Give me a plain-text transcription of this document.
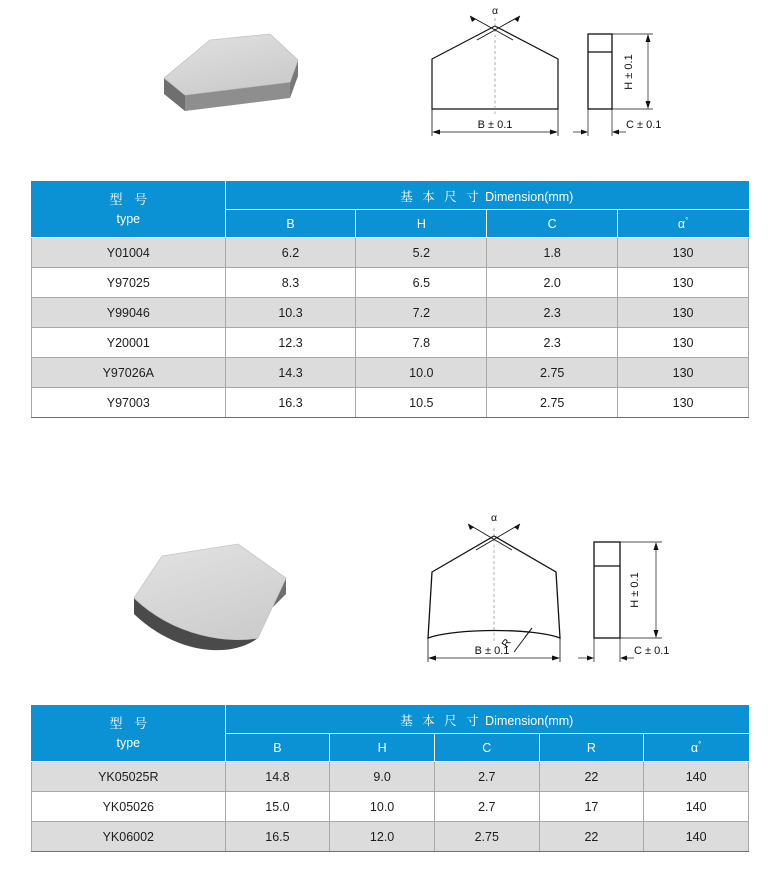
α
B ± 0.1
H ± 0.1
C ± 0.1
型 号
type	基 本 尺 寸 Dimension(mm)			
	B	H	C	α°
Y01004	6.2	5.2	1.8	130
Y97025	8.3	6.5	2.0	130
Y99046	10.3	7.2	2.3	130
Y20001	12.3	7.8	2.3	130
Y97026A	14.3	10.0	2.75	130
Y97003	16.3	10.5	2.75	130
α
R
B ± 0.1
H ± 0.1
C ± 0.1
型 号
type	基 本 尺 寸 Dimension(mm)				
	B	H	C	R	α°
YK05025R	14.8	9.0	2.7	22	140
YK05026	15.0	10.0	2.7	17	140
YK06002	16.5	12.0	2.75	22	140
